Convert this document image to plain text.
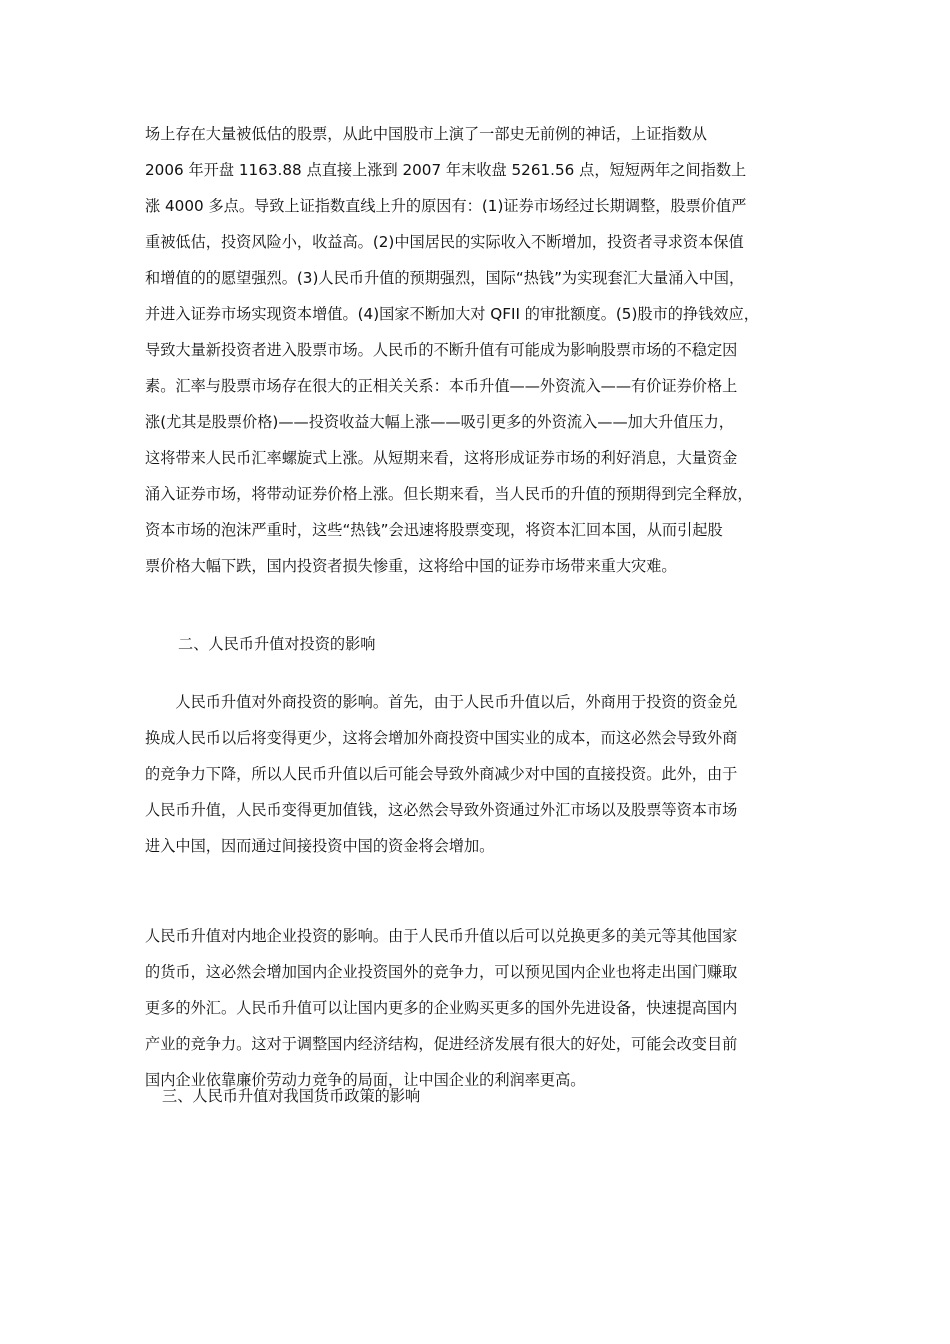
场上存在大量被低估的股票，从此中国股市上演了一部史无前例的神话，上证指数从
2006 年开盘 1163.88 点直接上涨到 2007 年末收盘 5261.56 点，短短两年之间指数上
涨 4000 多点。导致上证指数直线上升的原因有：(1)证券市场经过长期调整，股票价值严
重被低估，投资风险小，收益高。(2)中国居民的实际收入不断增加，投资者寻求资本保值
和增值的的愿望强烈。(3)人民币升值的预期强烈，国际“热钱”为实现套汇大量涌入中国，
并进入证券市场实现资本增值。(4)国家不断加大对 QFII 的审批额度。(5)股市的挣钱效应，
导致大量新投资者进入股票市场。人民币的不断升值有可能成为影响股票市场的不稳定因
素。汇率与股票市场存在很大的正相关关系：本币升值——外资流入——有价证券价格上
涨(尤其是股票价格)——投资收益大幅上涨——吸引更多的外资流入——加大升值压力，
这将带来人民币汇率螺旋式上涨。从短期来看，这将形成证券市场的利好消息，大量资金
涌入证券市场，将带动证券价格上涨。但长期来看，当人民币的升值的预期得到完全释放，
资本市场的泡沫严重时，这些“热钱”会迅速将股票变现，将资本汇回本国，从而引起股
票价格大幅下跌，国内投资者损失惨重，这将给中国的证券市场带来重大灾难。
二、人民币升值对投资的影响
　　人民币升值对外商投资的影响。首先，由于人民币升值以后，外商用于投资的资金兑
换成人民币以后将变得更少，这将会增加外商投资中国实业的成本，而这必然会导致外商
的竞争力下降，所以人民币升值以后可能会导致外商减少对中国的直接投资。此外，由于
人民币升值，人民币变得更加值钱，这必然会导致外资通过外汇市场以及股票等资本市场
进入中国，因而通过间接投资中国的资金将会增加。
人民币升值对内地企业投资的影响。由于人民币升值以后可以兑换更多的美元等其他国家
的货币，这必然会增加国内企业投资国外的竞争力，可以预见国内企业也将走出国门赚取
更多的外汇。人民币升值可以让国内更多的企业购买更多的国外先进设备，快速提高国内
产业的竞争力。这对于调整国内经济结构，促进经济发展有很大的好处，可能会改变目前
国内企业依靠廉价劳动力竞争的局面，让中国企业的利润率更高。
三、人民币升值对我国货币政策的影响
